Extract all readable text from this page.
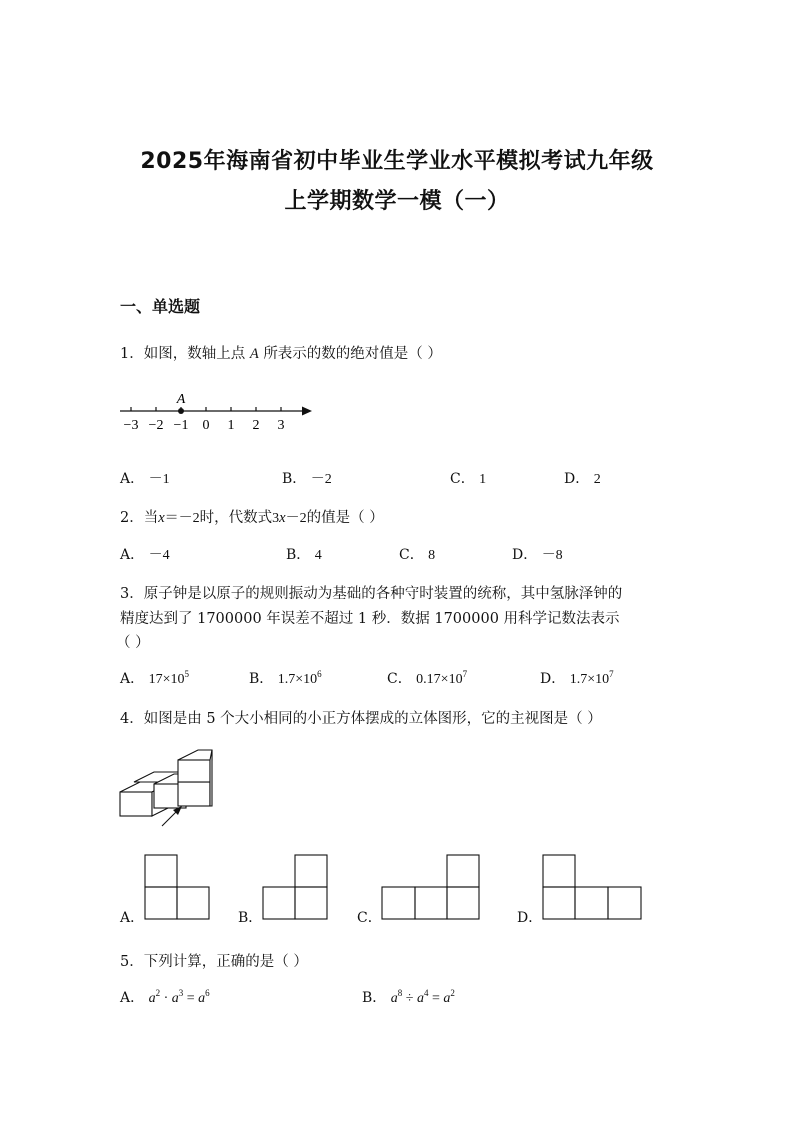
2025年海南省初中毕业生学业水平模拟考试九年级
上学期数学一模（一）
一、单选题
1．如图，数轴上点 A 所表示的数的绝对值是（ ）
−3 −2 −1 0 1 2 3
A
A． －1	B． －2	C． 1	D． 2
2．当x＝－2时，代数式3x－2的值是（ ）
A． －4	B． 4	C． 8	D． －8
3．原子钟是以原子的规则振动为基础的各种守时装置的统称，其中氢脉泽钟的
精度达到了 1700000 年误差不超过 1 秒．数据 1700000 用科学记数法表示
（ ）
A． $17\times 10^5$	B． $1.7\times 10^6$	C． $0.17\times 10^7$	D． $1.7\times 10^7$
4．如图是由 5 个大小相同的小正方体摆成的立体图形，它的主视图是（ ）
A．	B．	C．	D．
5．下列计算，正确的是（ ）
A． $a^2 \cdot a^3 = a^6$	B． $a^8 \div a^4 = a^2$
